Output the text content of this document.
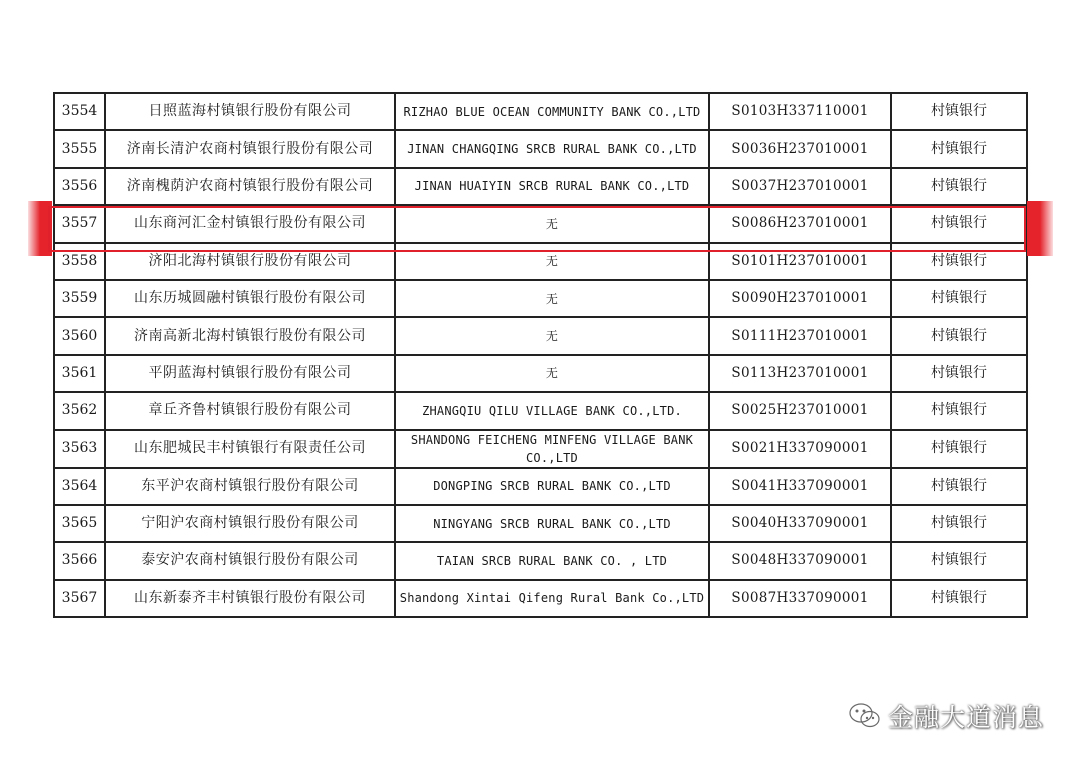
3554	日照蓝海村镇银行股份有限公司	RIZHAO BLUE OCEAN COMMUNITY BANK CO.,LTD	S0103H337110001	村镇银行
3555	济南长清沪农商村镇银行股份有限公司	JINAN CHANGQING SRCB RURAL BANK CO.,LTD	S0036H237010001	村镇银行
3556	济南槐荫沪农商村镇银行股份有限公司	JINAN HUAIYIN SRCB RURAL BANK CO.,LTD	S0037H237010001	村镇银行
3557	山东商河汇金村镇银行股份有限公司	无	S0086H237010001	村镇银行
3558	济阳北海村镇银行股份有限公司	无	S0101H237010001	村镇银行
3559	山东历城圆融村镇银行股份有限公司	无	S0090H237010001	村镇银行
3560	济南高新北海村镇银行股份有限公司	无	S0111H237010001	村镇银行
3561	平阴蓝海村镇银行股份有限公司	无	S0113H237010001	村镇银行
3562	章丘齐鲁村镇银行股份有限公司	ZHANGQIU QILU VILLAGE BANK CO.,LTD.	S0025H237010001	村镇银行
3563	山东肥城民丰村镇银行有限责任公司	SHANDONG FEICHENG MINFENG VILLAGE BANK CO.,LTD	S0021H337090001	村镇银行
3564	东平沪农商村镇银行股份有限公司	DONGPING SRCB RURAL BANK CO.,LTD	S0041H337090001	村镇银行
3565	宁阳沪农商村镇银行股份有限公司	NINGYANG SRCB RURAL BANK CO.,LTD	S0040H337090001	村镇银行
3566	泰安沪农商村镇银行股份有限公司	TAIAN SRCB RURAL BANK CO. , LTD	S0048H337090001	村镇银行
3567	山东新泰齐丰村镇银行股份有限公司	Shandong Xintai Qifeng Rural Bank Co.,LTD	S0087H337090001	村镇银行
金融大道消息
